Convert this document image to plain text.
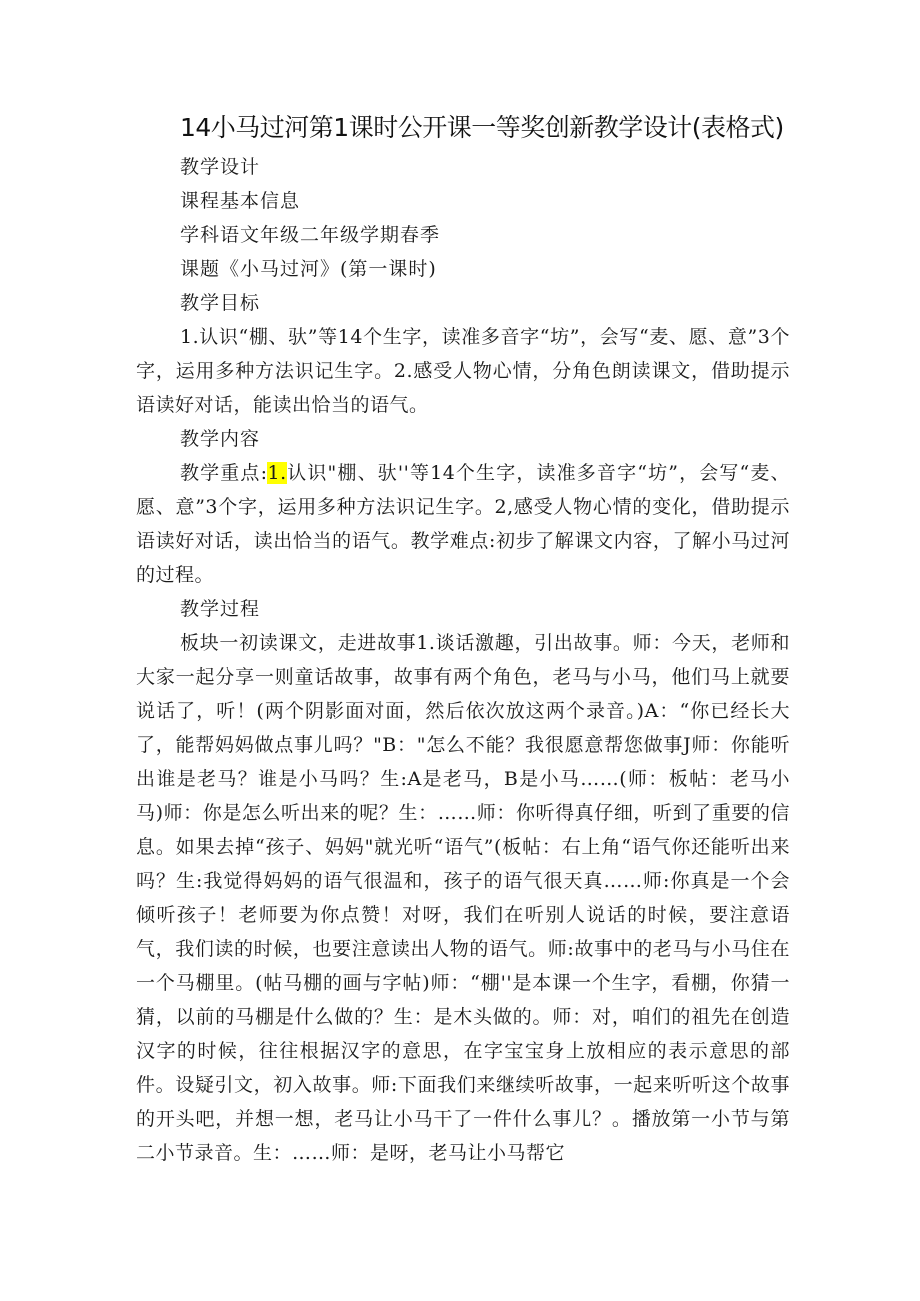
14小马过河第1课时公开课一等奖创新教学设计(表格式)
教学设计
课程基本信息
学科语文年级二年级学期春季
课题《小马过河》(第一课时)
教学目标

1.认识“棚、驮”等14个生字，读准多音字“坊”，会写“麦、愿、意”3个字，运用多种方法识记生字。2.感受人物心情，分角色朗读课文，借助提示语读好对话，能读出恰当的语气。

教学内容

教学重点:1.认识"棚、驮''等14个生字，读准多音字“坊”，会写“麦、愿、意”3个字，运用多种方法识记生字。2,感受人物心情的变化，借助提示语读好对话，读出恰当的语气。教学难点:初步了解课文内容，了解小马过河的过程。

教学过程

板块一初读课文，走进故事1.谈话激趣，引出故事。师：今天，老师和大家一起分享一则童话故事，故事有两个角色，老马与小马，他们马上就要说话了，听！(两个阴影面对面，然后依次放这两个录音。)A：“你已经长大了，能帮妈妈做点事儿吗？"B："怎么不能？我很愿意帮您做事J师：你能听出谁是老马？谁是小马吗？生:A是老马，B是小马……(师：板帖：老马小马)师：你是怎么听出来的呢？生：……师：你听得真仔细，听到了重要的信息。如果去掉“孩子、妈妈"就光听“语气”(板帖：右上角“语气你还能听出来吗？生:我觉得妈妈的语气很温和，孩子的语气很天真……师:你真是一个会倾听孩子！老师要为你点赞！对呀，我们在听别人说话的时候，要注意语气，我们读的时候，也要注意读出人物的语气。师:故事中的老马与小马住在一个马棚里。(帖马棚的画与字帖)师：“棚''是本课一个生字，看棚，你猜一猜，以前的马棚是什么做的？生：是木头做的。师：对，咱们的祖先在创造汉字的时候，往往根据汉字的意思，在字宝宝身上放相应的表示意思的部件。设疑引文，初入故事。师:下面我们来继续听故事，一起来听听这个故事的开头吧，并想一想，老马让小马干了一件什么事儿？。播放第一小节与第二小节录音。生：……师：是呀，老马让小马帮它
